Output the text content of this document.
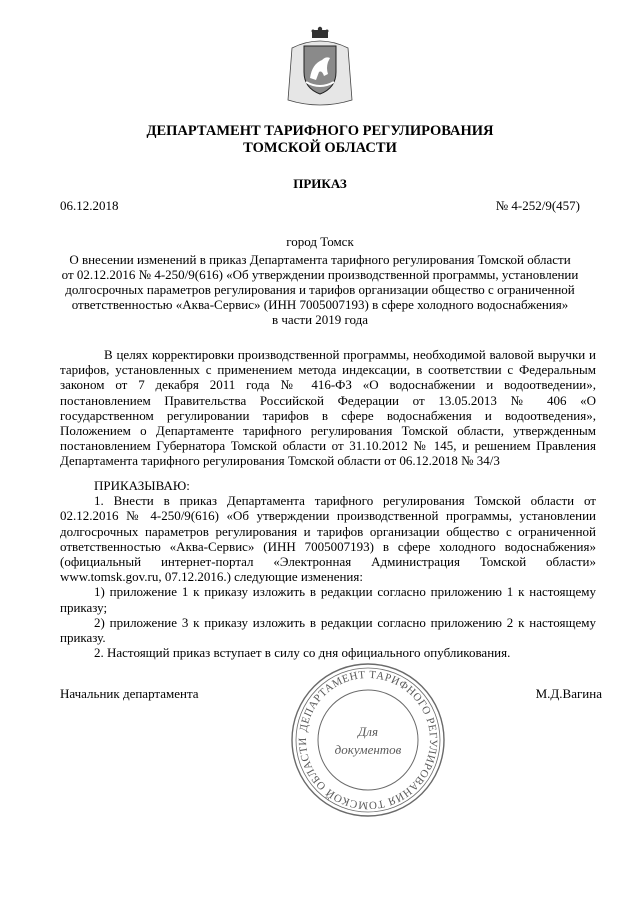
ДЕПАРТАМЕНТ ТАРИФНОГО РЕГУЛИРОВАНИЯ
ТОМСКОЙ ОБЛАСТИ
ПРИКАЗ
06.12.2018	№ 4-252/9(457)
город Томск
О внесении изменений в приказ Департамента тарифного регулирования Томской области
от 02.12.2016 № 4-250/9(616) «Об утверждении производственной программы, установлении
долгосрочных параметров регулирования и тарифов организации общество с ограниченной
ответственностью «Аква-Сервис» (ИНН 7005007193) в сфере холодного водоснабжения»
в части 2019 года
В целях корректировки производственной программы, необходимой валовой выручки и тарифов, установленных с применением метода индексации, в соответствии с Федеральным законом от 7 декабря 2011 года № 416-ФЗ «О водоснабжении и водоотведении», постановлением Правительства Российской Федерации от 13.05.2013 № 406 «О государственном регулировании тарифов в сфере водоснабжения и водоотведения», Положением о Департаменте тарифного регулирования Томской области, утвержденным постановлением Губернатора Томской области от 31.10.2012 № 145, и решением Правления Департамента тарифного регулирования Томской области от 06.12.2018 № 34/3

ПРИКАЗЫВАЮ:

1. Внести в приказ Департамента тарифного регулирования Томской области от 02.12.2016 № 4-250/9(616) «Об утверждении производственной программы, установлении долгосрочных параметров регулирования и тарифов организации общество с ограниченной ответственностью «Аква-Сервис» (ИНН 7005007193) в сфере холодного водоснабжения» (официальный интернет-портал «Электронная Администрация Томской области» www.tomsk.gov.ru, 07.12.2016.) следующие изменения:

1) приложение 1 к приказу изложить в редакции согласно приложению 1 к настоящему приказу;

2) приложение 3 к приказу изложить в редакции согласно приложению 2 к настоящему приказу.

2. Настоящий приказ вступает в силу со дня официального опубликования.

Начальник департамента	М.Д.Вагина
ДЕПАРТАМЕНТ ТАРИФНОГО РЕГУЛИРОВАНИЯ ТОМСКОЙ ОБЛАСТИ
Для
документов
